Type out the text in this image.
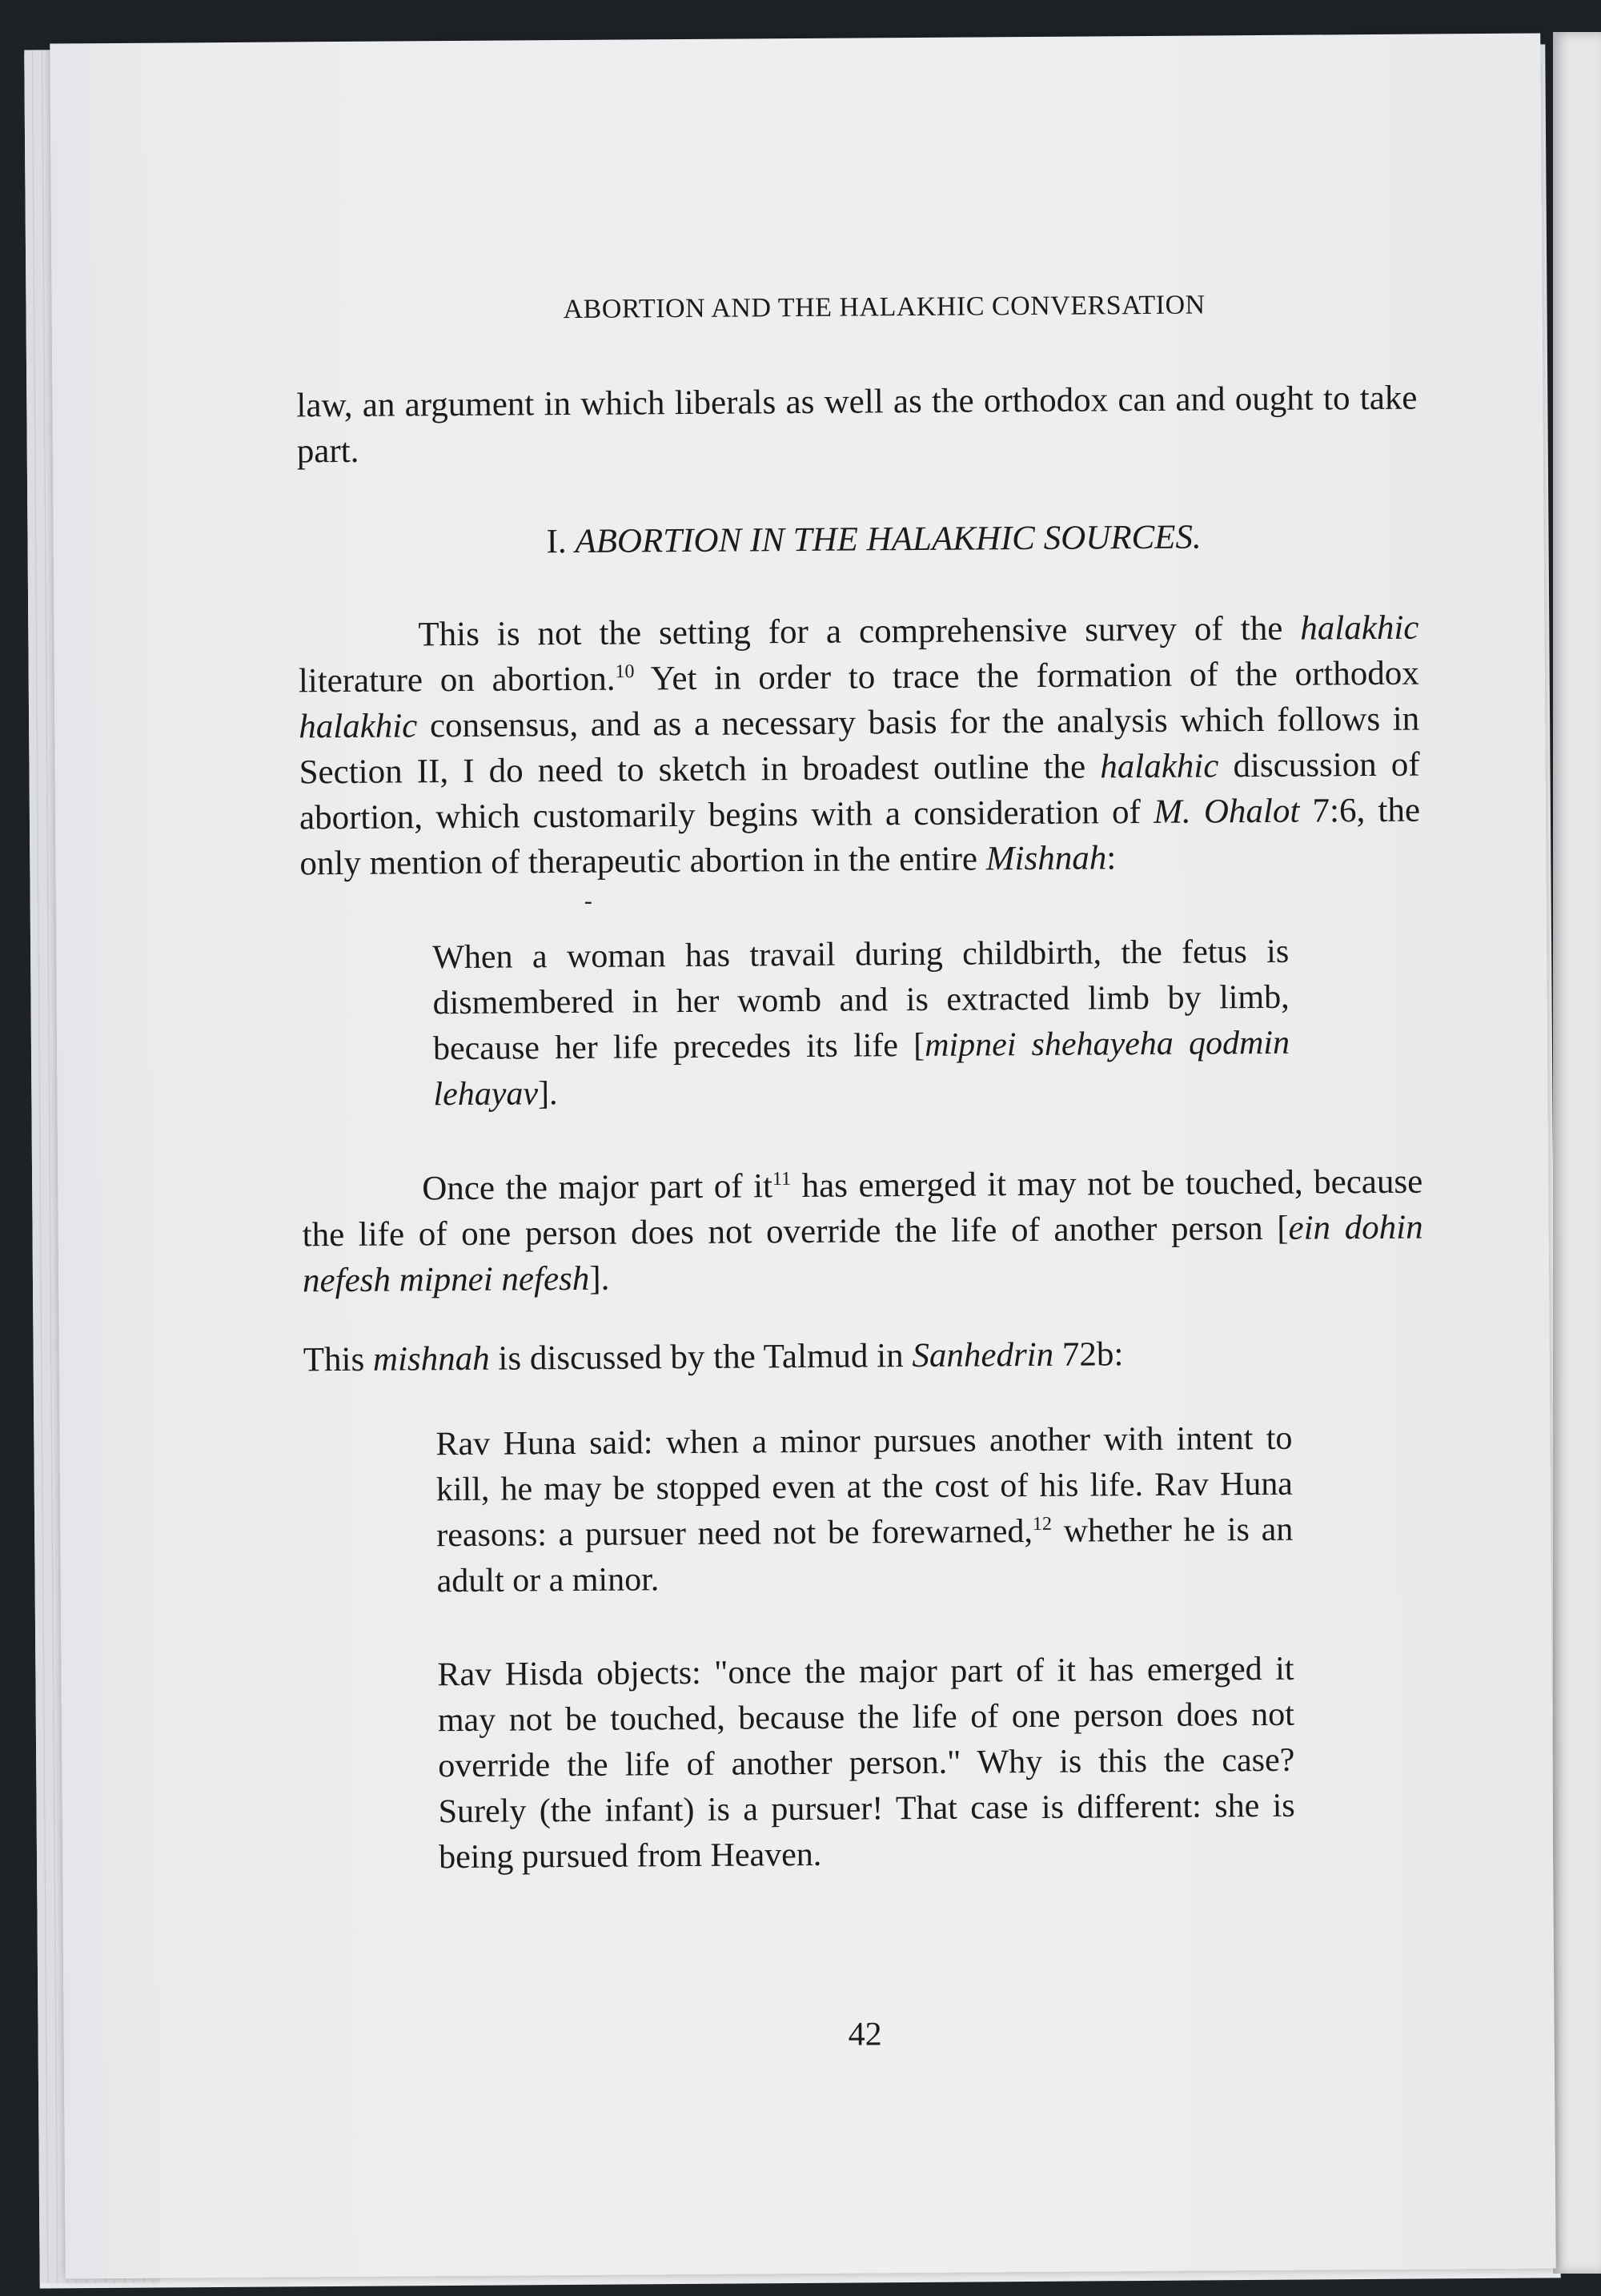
ABORTION AND THE HALAKHIC CONVERSATION

law, an argument in which liberals as well as the orthodox can and ought to take part.

I. ABORTION IN THE HALAKHIC SOURCES.

This is not the setting for a comprehensive survey of the halakhic literature on abortion.$^{10}$ Yet in order to trace the formation of the orthodox halakhic consensus, and as a necessary basis for the analysis which follows in Section II, I do need to sketch in broadest outline the halakhic discussion of abortion, which customarily begins with a consideration of M. Ohalot 7:6, the only mention of therapeutic abortion in the entire Mishnah:

-
When a woman has travail during childbirth, the fetus is dismembered in her womb and is extracted limb by limb, because her life precedes its life [mipnei shehayeha qodmin lehayav].

Once the major part of $it^{11}$ has emerged it may not be touched, because the life of one person does not override the life of another person [ein dohin nefesh mipnei nefesh].

This mishnah is discussed by the Talmud in Sanhedrin 72b:

Rav Huna said: when a minor pursues another with intent to kill, he may be stopped even at the cost of his life. Rav Huna reasons: a pursuer need not be forewarned,$^{12}$ whether he is an adult or a minor.
Rav Hisda objects: "once the major part of it has emerged it may not be touched, because the life of one person does not override the life of another person." Why is this the case? Surely (the infant) is a pursuer! That case is different: she is being pursued from Heaven.
42
